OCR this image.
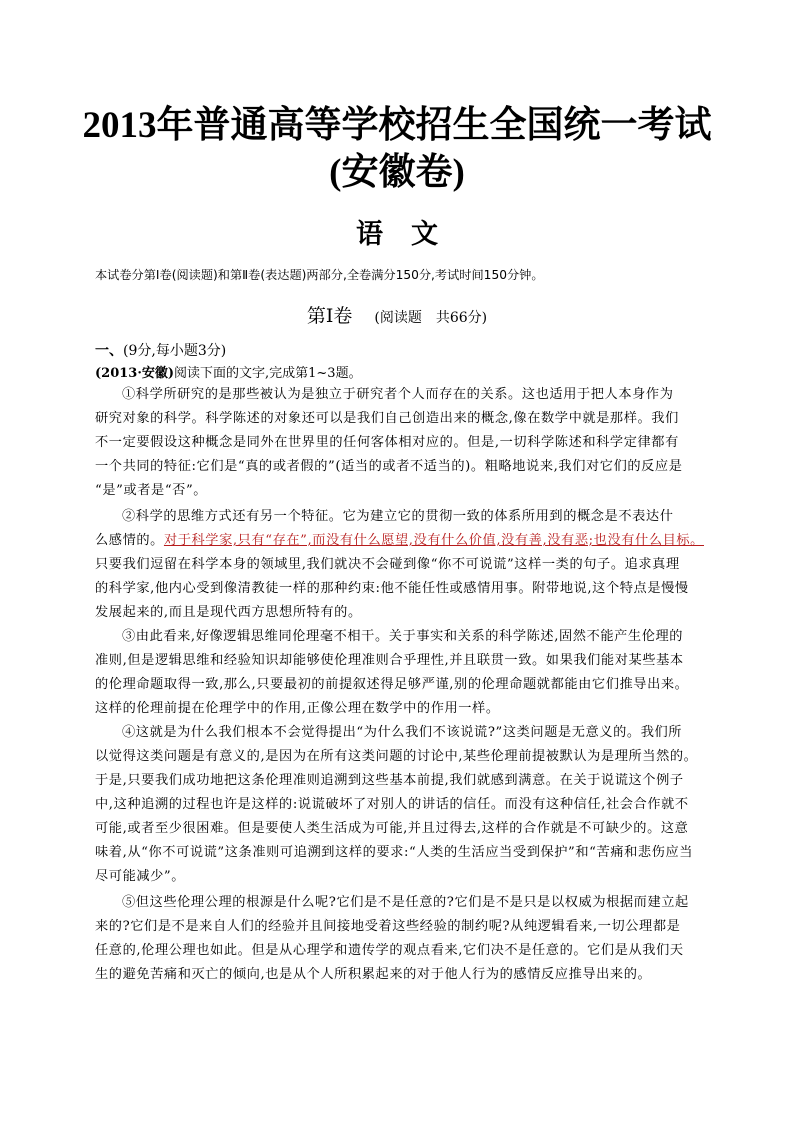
2013年普通高等学校招生全国统一考试
(安徽卷)
语文
本试卷分第Ⅰ卷(阅读题)和第Ⅱ卷(表达题)两部分,全卷满分150分,考试时间150分钟。
第Ⅰ卷 (阅读题　共66分)
一、(9分,每小题3分)
(2013·安徽)阅读下面的文字,完成第1~3题。
①科学所研究的是那些被认为是独立于研究者个人而存在的关系。这也适用于把人本身作为
研究对象的科学。科学陈述的对象还可以是我们自己创造出来的概念,像在数学中就是那样。我们
不一定要假设这种概念是同外在世界里的任何客体相对应的。但是,一切科学陈述和科学定律都有
一个共同的特征:它们是“真的或者假的”(适当的或者不适当的)。粗略地说来,我们对它们的反应是
“是”或者是“否”。
②科学的思维方式还有另一个特征。它为建立它的贯彻一致的体系所用到的概念是不表达什
么感情的。对于科学家,只有“存在”,而没有什么愿望,没有什么价值,没有善,没有恶;也没有什么目标。
只要我们逗留在科学本身的领域里,我们就决不会碰到像“你不可说谎”这样一类的句子。追求真理
的科学家,他内心受到像清教徒一样的那种约束:他不能任性或感情用事。附带地说,这个特点是慢慢
发展起来的,而且是现代西方思想所特有的。
③由此看来,好像逻辑思维同伦理毫不相干。关于事实和关系的科学陈述,固然不能产生伦理的
准则,但是逻辑思维和经验知识却能够使伦理准则合乎理性,并且联贯一致。如果我们能对某些基本
的伦理命题取得一致,那么,只要最初的前提叙述得足够严谨,别的伦理命题就都能由它们推导出来。
这样的伦理前提在伦理学中的作用,正像公理在数学中的作用一样。
④这就是为什么我们根本不会觉得提出“为什么我们不该说谎?”这类问题是无意义的。我们所
以觉得这类问题是有意义的,是因为在所有这类问题的讨论中,某些伦理前提被默认为是理所当然的。
于是,只要我们成功地把这条伦理准则追溯到这些基本前提,我们就感到满意。在关于说谎这个例子
中,这种追溯的过程也许是这样的:说谎破坏了对别人的讲话的信任。而没有这种信任,社会合作就不
可能,或者至少很困难。但是要使人类生活成为可能,并且过得去,这样的合作就是不可缺少的。这意
味着,从“你不可说谎”这条准则可追溯到这样的要求:“人类的生活应当受到保护”和“苦痛和悲伤应当
尽可能减少”。
⑤但这些伦理公理的根源是什么呢?它们是不是任意的?它们是不是只是以权威为根据而建立起
来的?它们是不是来自人们的经验并且间接地受着这些经验的制约呢?从纯逻辑看来,一切公理都是
任意的,伦理公理也如此。但是从心理学和遗传学的观点看来,它们决不是任意的。它们是从我们天
生的避免苦痛和灭亡的倾向,也是从个人所积累起来的对于他人行为的感情反应推导出来的。
